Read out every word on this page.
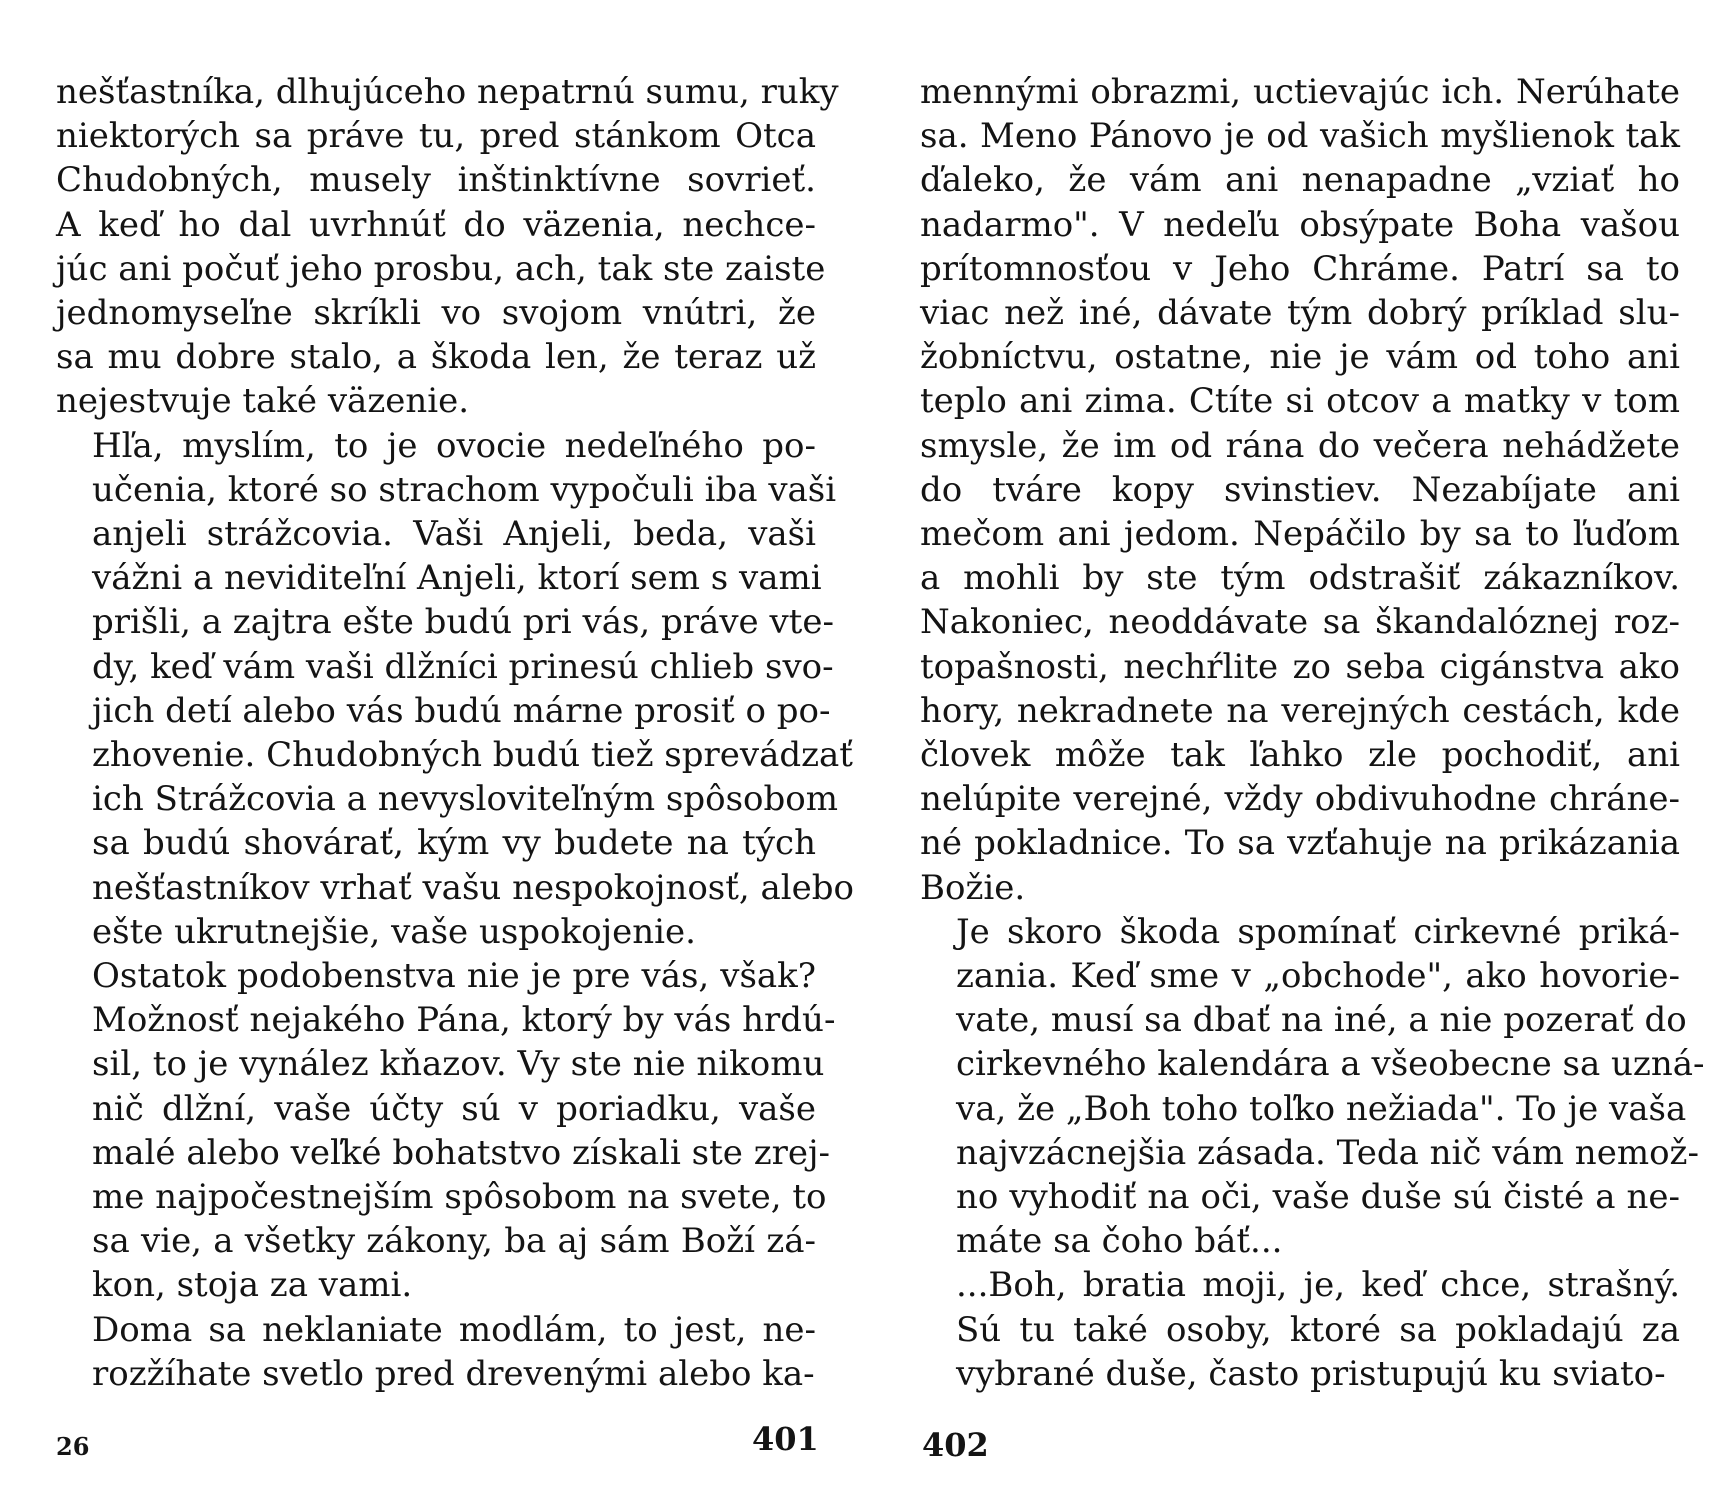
nešťastníka, dlhujúceho nepatrnú sumu, ruky
niektorých sa práve tu, pred stánkom Otca
Chudobných, musely inštinktívne sovrieť.
A keď ho dal uvrhnúť do väzenia, nechce-
júc ani počuť jeho prosbu, ach, tak ste zaiste
jednomyseľne skríkli vo svojom vnútri, že
sa mu dobre stalo, a škoda len, že teraz už
nejestvuje také väzenie.

Hľa, myslím, to je ovocie nedeľného po-
učenia, ktoré so strachom vypočuli iba vaši
anjeli strážcovia. Vaši Anjeli, beda, vaši
vážni a neviditeľní Anjeli, ktorí sem s vami
prišli, a zajtra ešte budú pri vás, práve vte-
dy, keď vám vaši dlžníci prinesú chlieb svo-
jich detí alebo vás budú márne prosiť o po-
zhovenie. Chudobných budú tiež sprevádzať
ich Strážcovia a nevysloviteľným spôsobom
sa budú shovárať, kým vy budete na tých
nešťastníkov vrhať vašu nespokojnosť, alebo
ešte ukrutnejšie, vaše uspokojenie.

Ostatok podobenstva nie je pre vás, však?
Možnosť nejakého Pána, ktorý by vás hrdú-
sil, to je vynález kňazov. Vy ste nie nikomu
nič dlžní, vaše účty sú v poriadku, vaše
malé alebo veľké bohatstvo získali ste zrej-
me najpočestnejším spôsobom na svete, to
sa vie, a všetky zákony, ba aj sám Boží zá-
kon, stoja za vami.

Doma sa neklaniate modlám, to jest, ne-
rozžíhate svetlo pred drevenými alebo ka-

mennými obrazmi, uctievajúc ich. Nerúhate
sa. Meno Pánovo je od vašich myšlienok tak
ďaleko, že vám ani nenapadne „vziať ho
nadarmo". V nedeľu obsýpate Boha vašou
prítomnosťou v Jeho Chráme. Patrí sa to
viac než iné, dávate tým dobrý príklad slu-
žobníctvu, ostatne, nie je vám od toho ani
teplo ani zima. Ctíte si otcov a matky v tom
smysle, že im od rána do večera nehádžete
do tváre kopy svinstiev. Nezabíjate ani
mečom ani jedom. Nepáčilo by sa to ľuďom
a mohli by ste tým odstrašiť zákazníkov.
Nakoniec, neoddávate sa škandalóznej roz-
topašnosti, nechŕlite zo seba cigánstva ako
hory, nekradnete na verejných cestách, kde
človek môže tak ľahko zle pochodiť, ani
nelúpite verejné, vždy obdivuhodne chráne-
né pokladnice. To sa vzťahuje na prikázania
Božie.

Je skoro škoda spomínať cirkevné priká-
zania. Keď sme v „obchode", ako hovorie-
vate, musí sa dbať na iné, a nie pozerať do
cirkevného kalendára a všeobecne sa uzná-
va, že „Boh toho toľko nežiada". To je vaša
najvzácnejšia zásada. Teda nič vám nemož-
no vyhodiť na oči, vaše duše sú čisté a ne-
máte sa čoho báť...

...Boh, bratia moji, je, keď chce, strašný.
Sú tu také osoby, ktoré sa pokladajú za
vybrané duše, často pristupujú ku sviato-

26	401	402
